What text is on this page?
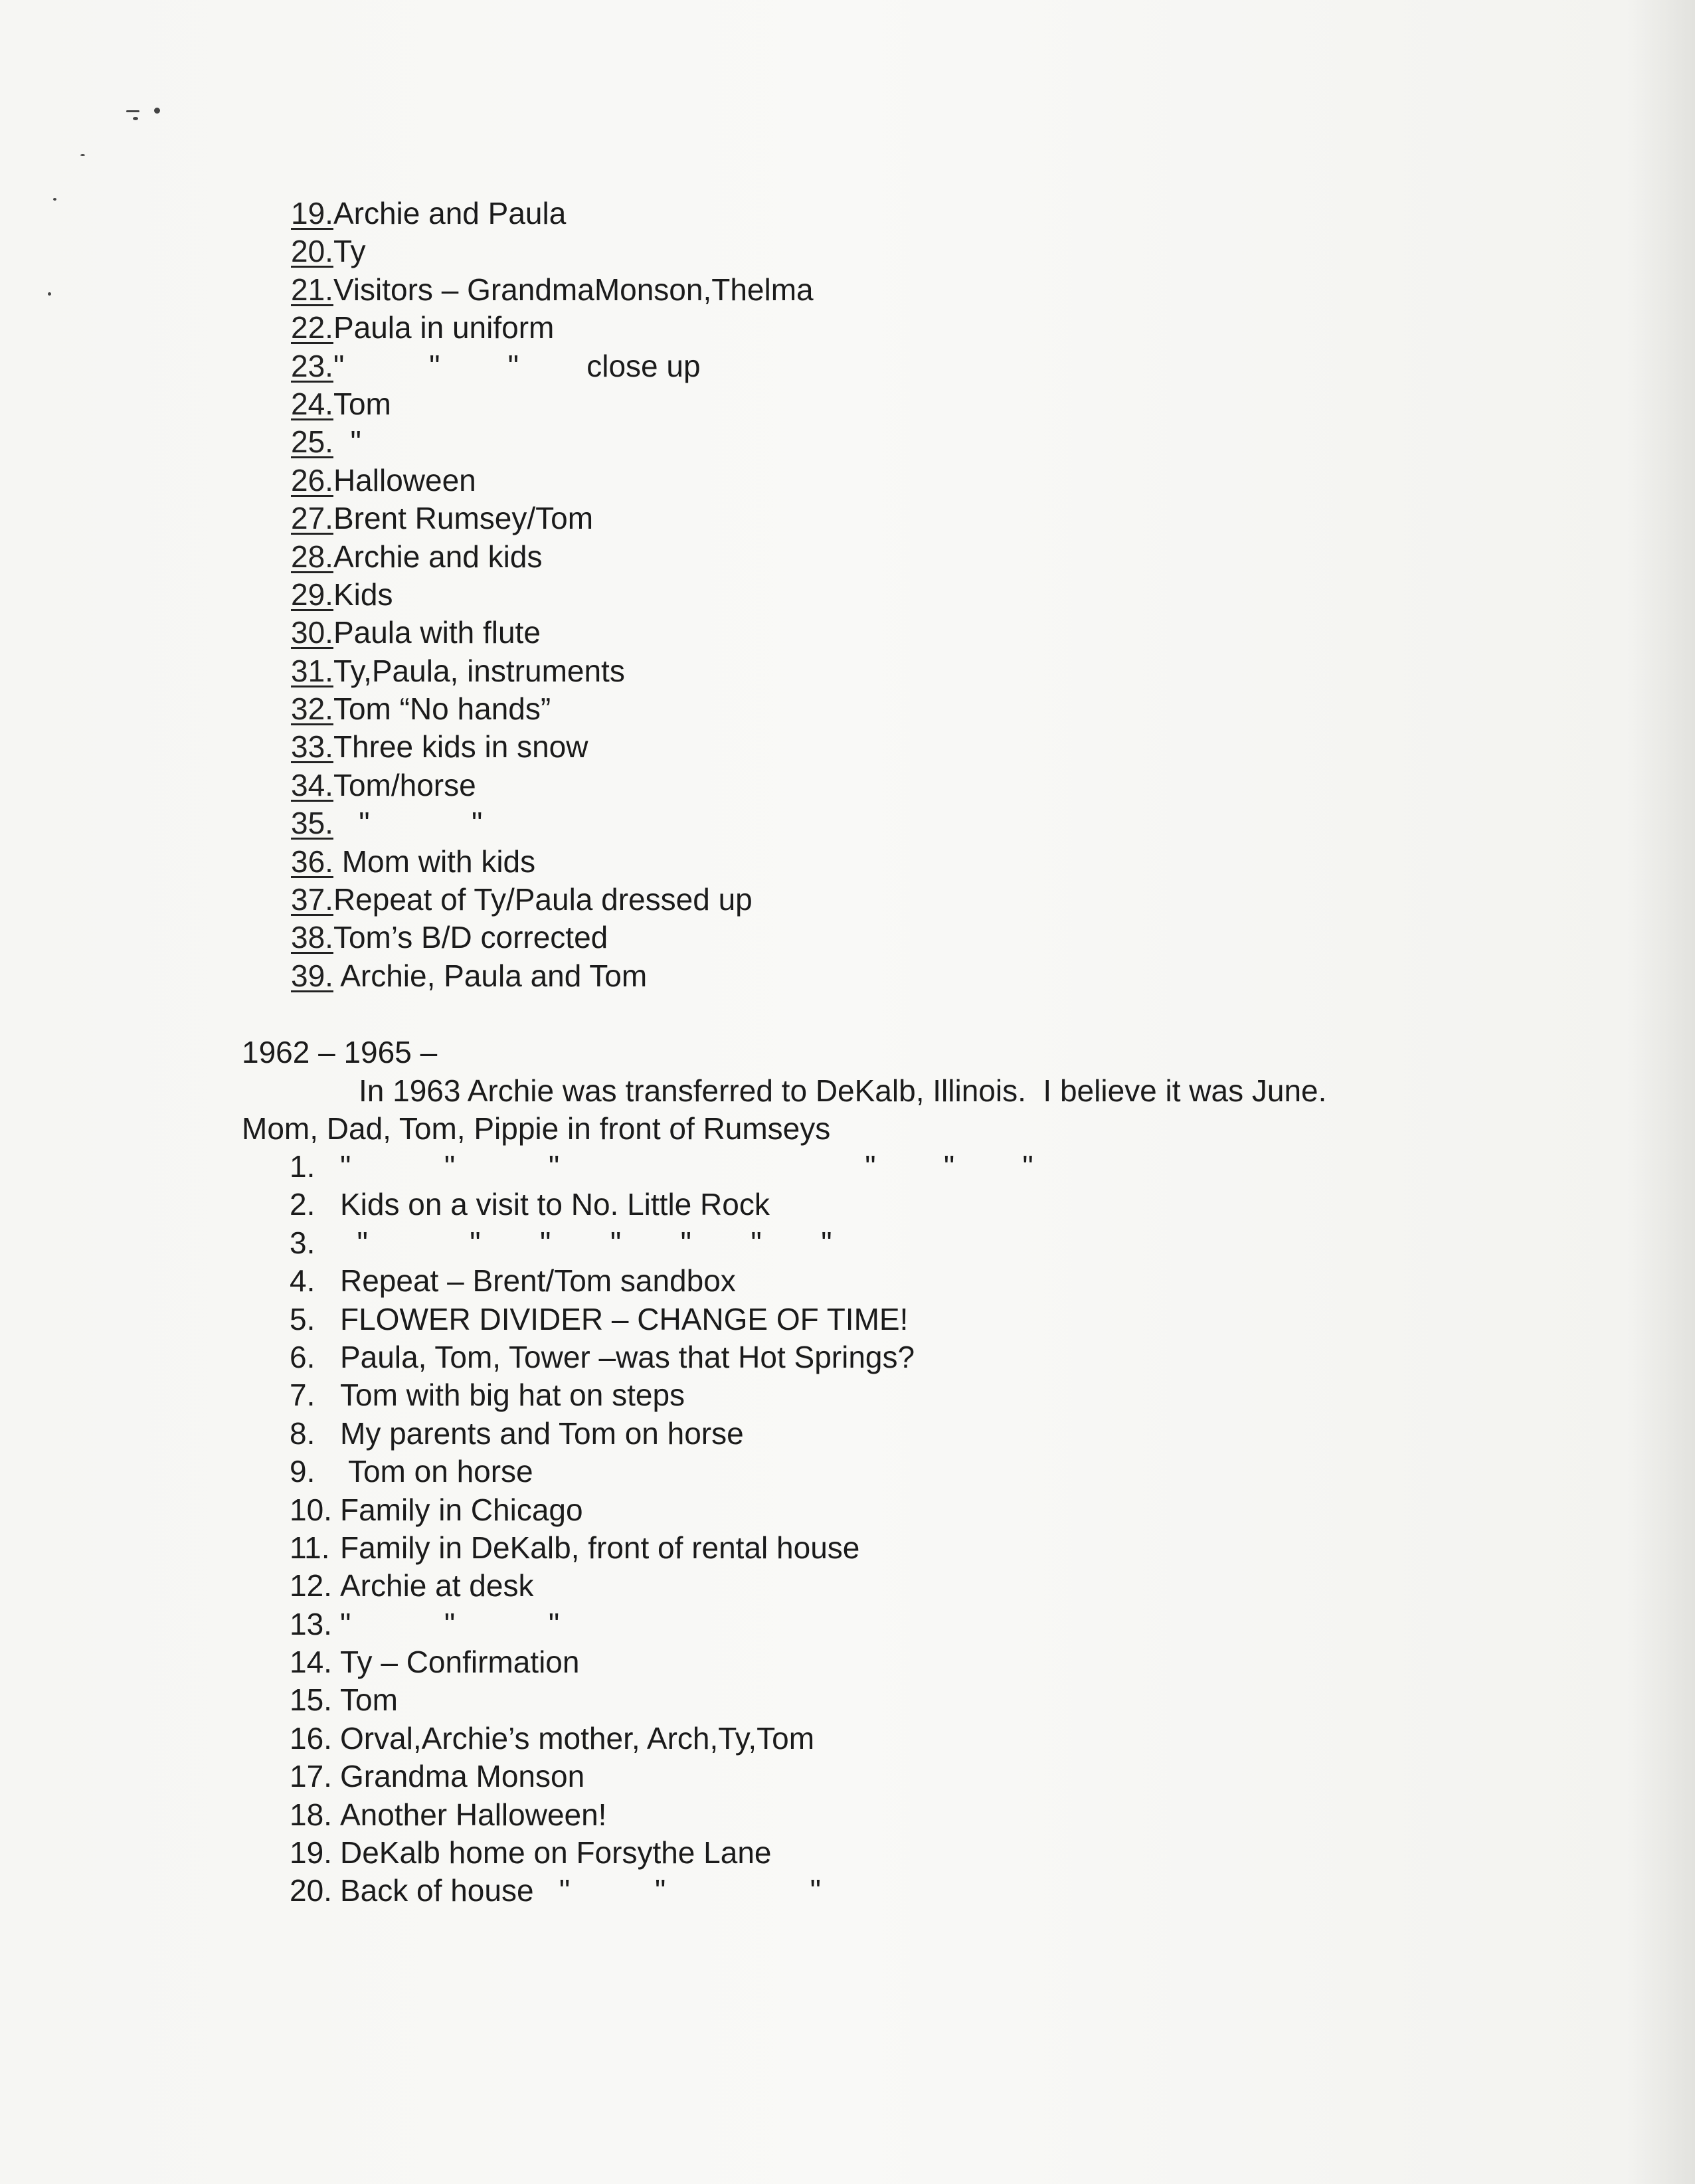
19.Archie and Paula
20.Ty
21.Visitors – GrandmaMonson,Thelma
22.Paula in uniform
23."          "        "        close up
24.Tom
25.  "
26.Halloween
27.Brent Rumsey/Tom
28.Archie and kids
29.Kids
30.Paula with flute
31.Ty,Paula, instruments
32.Tom “No hands”
33.Three kids in snow
34.Tom/horse
35.   "            "
36. Mom with kids
37.Repeat of Ty/Paula dressed up
38.Tom’s B/D corrected
39. Archie, Paula and Tom
1962 – 1965 –
In 1963 Archie was transferred to DeKalb, Illinois.  I believe it was June.
Mom, Dad, Tom, Pippie in front of Rumseys
1. "           "           "                                    "        "        "
2. Kids on a visit to No. Little Rock
3.  "            "       "       "       "       "       "
4. Repeat – Brent/Tom sandbox
5. FLOWER DIVIDER – CHANGE OF TIME!
6. Paula, Tom, Tower –was that Hot Springs?
7. Tom with big hat on steps
8. My parents and Tom on horse
9. Tom on horse
10. Family in Chicago
11. Family in DeKalb, front of rental house
12. Archie at desk
13. "           "           "
14. Ty – Confirmation
15. Tom
16. Orval,Archie’s mother, Arch,Ty,Tom
17. Grandma Monson
18. Another Halloween!
19. DeKalb home on Forsythe Lane
20. Back of house   "          "                 "
